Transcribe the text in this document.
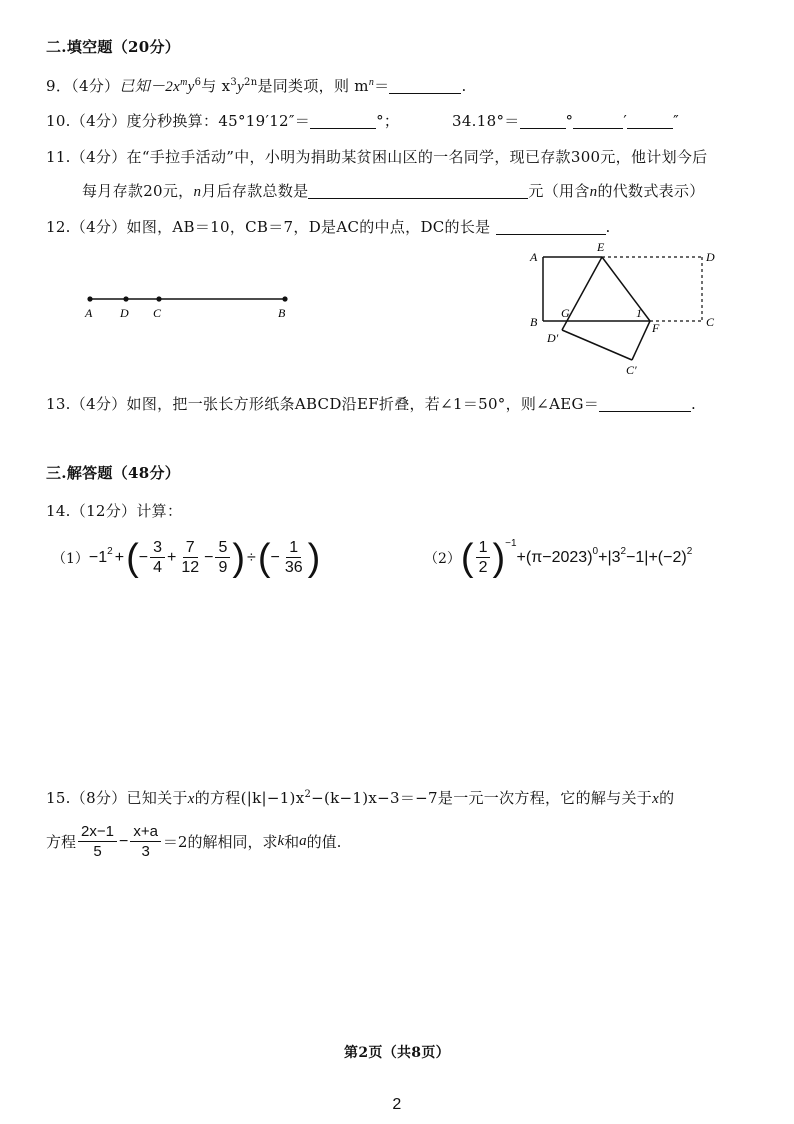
二.填空题（20分）
9．（4分）已知$-2x^my^6$与 $x^3y^{2n}$是同类项，则 $m^n=$	.
10.（4分）度分秒换算：45°19′12″＝	°；	34.18°＝	°	′	″
11.（4分）在“手拉手活动”中，小明为捐助某贫困山区的一名同学，现已存款300元，他计划今后
每月存款20元，n月后存款总数是	元（用含n的代数式表示）
12.（4分）如图，AB＝10，CB＝7，D是AC的中点，DC的长是	.
A D C	B
A
E
D
B
G	1
F	C
D′
C′
13.（4分）如图，把一张长方形纸条ABCD沿EF折叠，若∠1＝50°，则∠AEG＝	.
三.解答题（48分）
14.（12分）计算：
$(1) -1^2$ + ( − $\frac{3}{4} + \frac{7}{12} - \frac{5}{9}$ ) ÷ ( − $\frac{1}{36}$ )	（2） ( $\frac{1}{2} )^{-1}$
$+(\pi-2023)^0 +|3^2 -1|+(-2)^2$
15.（8分）已知关于x的方程$(|k|-1)x^2-(k-1)x-3=-7$是一元一次方程，它的解与关于x的
方程 $\frac{2x-1}{5} - \frac{x+a}{3} =2$的解相同，求 k 和 a 的值.
第2页（共8页）
2
